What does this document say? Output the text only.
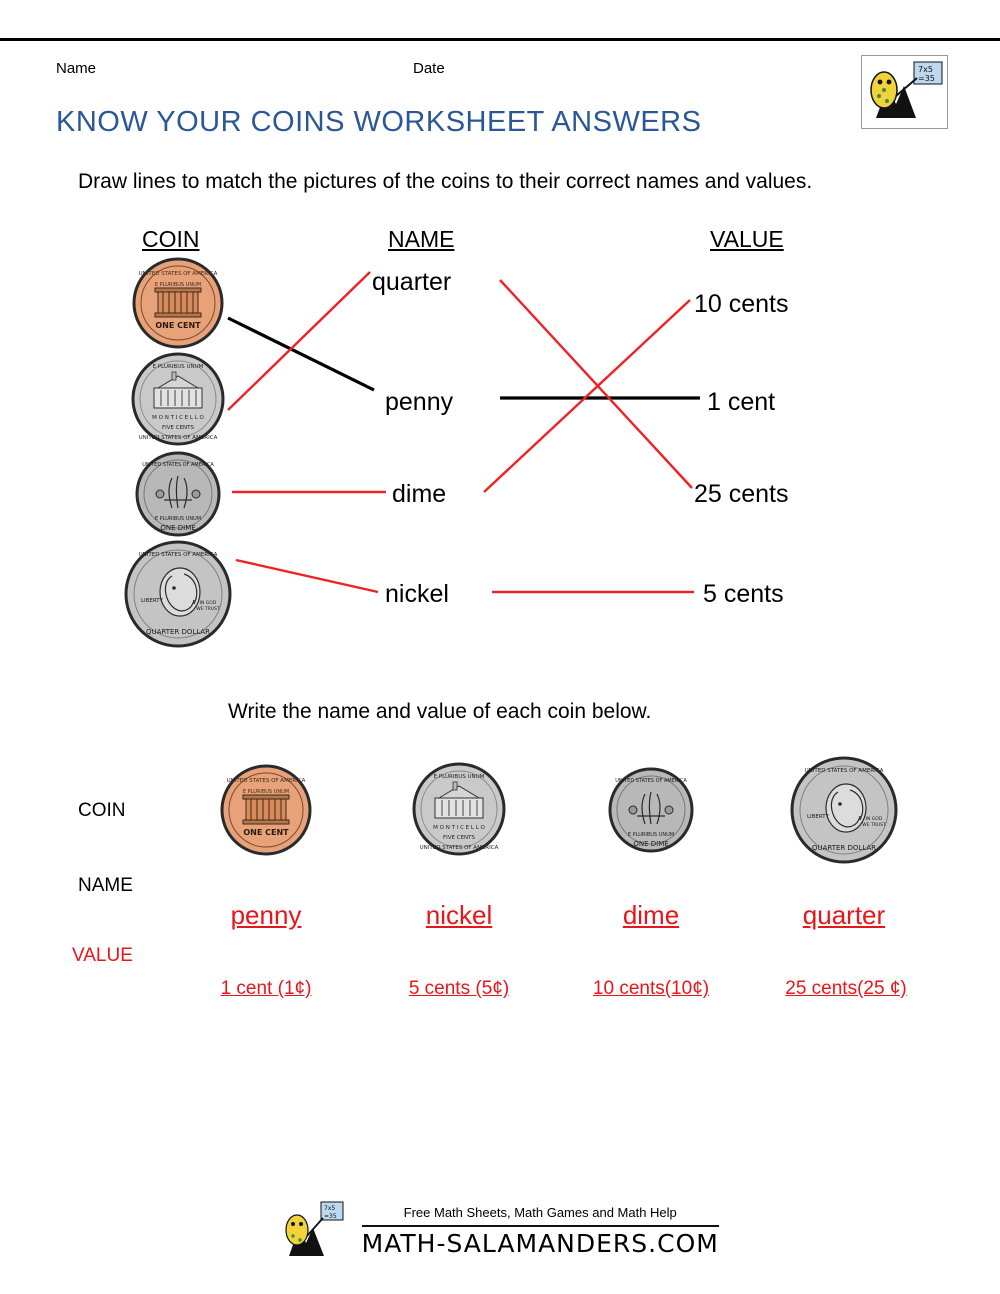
Name	Date
KNOW YOUR COINS WORKSHEET ANSWERS
7x5
=35
Draw lines to match the pictures of the coins to their correct names and values.
COIN	NAME	VALUE
UNITED STATES OF AMERICA
E PLURIBUS UNUM
ONE CENT
E PLURIBUS UNUM
M O N T I C E L L O
FIVE CENTS
UNITED STATES OF AMERICA
UNITED STATES OF AMERICA
E PLURIBUS UNUM
ONE DIME
UNITED STATES OF AMERICA
LIBERTY
QUARTER DOLLAR
IN GOD
WE TRUST
quarter
penny
dime
nickel
10 cents
1 cent
25 cents
5 cents
Write the name and value of each coin below.
COIN
NAME
VALUE
UNITED STATES OF AMERICA
E PLURIBUS UNUM
ONE CENT
E PLURIBUS UNUM
M O N T I C E L L O
FIVE CENTS
UNITED STATES OF AMERICA
UNITED STATES OF AMERICA
E PLURIBUS UNUM
ONE DIME
UNITED STATES OF AMERICA
LIBERTY
QUARTER DOLLAR
IN GOD
WE TRUST
penny	nickel	dime	quarter
1 cent (1¢)	5 cents (5¢)	10 cents(10¢)	25 cents(25 ¢)
7x5
=35	Free Math Sheets, Math Games and Math Help
MATH-SALAMANDERS.COM
